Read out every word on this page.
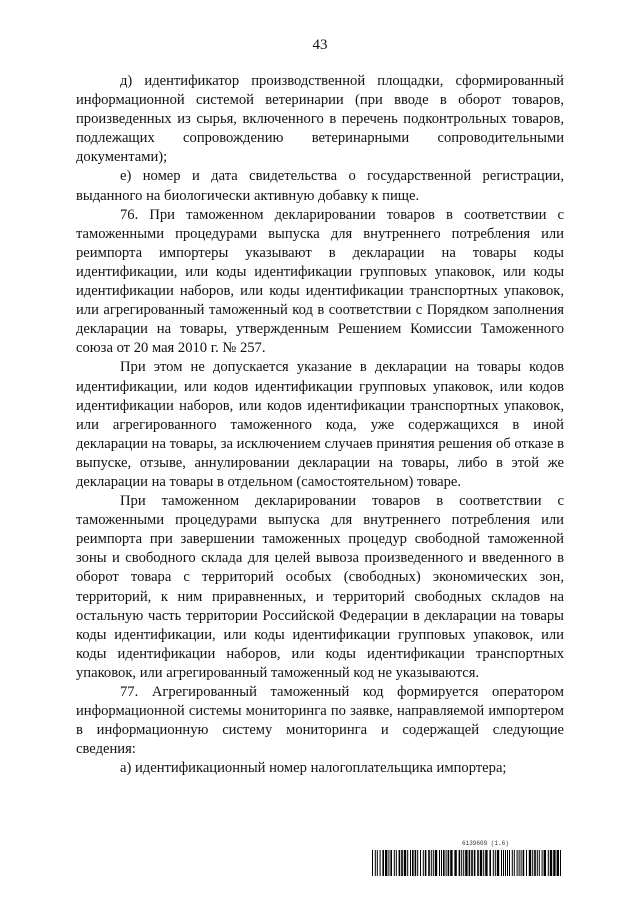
43

д) идентификатор производственной площадки, сформированный информационной системой ветеринарии (при вводе в оборот товаров, произведенных из сырья, включенного в перечень подконтрольных товаров, подлежащих сопровождению ветеринарными сопроводительными документами);

е) номер и дата свидетельства о государственной регистрации, выданного на биологически активную добавку к пище.

76. При таможенном декларировании товаров в соответствии с таможенными процедурами выпуска для внутреннего потребления или реимпорта импортеры указывают в декларации на товары коды идентификации, или коды идентификации групповых упаковок, или коды идентификации наборов, или коды идентификации транспортных упаковок, или агрегированный таможенный код в соответствии с Порядком заполнения декларации на товары, утвержденным Решением Комиссии Таможенного союза от 20 мая 2010 г. № 257.

При этом не допускается указание в декларации на товары кодов идентификации, или кодов идентификации групповых упаковок, или кодов идентификации наборов, или кодов идентификации транспортных упаковок, или агрегированного таможенного кода, уже содержащихся в иной декларации на товары, за исключением случаев принятия решения об отказе в выпуске, отзыве, аннулировании декларации на товары, либо в этой же декларации на товары в отдельном (самостоятельном) товаре.

При таможенном декларировании товаров в соответствии с таможенными процедурами выпуска для внутреннего потребления или реимпорта при завершении таможенных процедур свободной таможенной зоны и свободного склада для целей вывоза произведенного и введенного в оборот товара с территорий особых (свободных) экономических зон, территорий, к ним приравненных, и территорий свободных складов на остальную часть территории Российской Федерации в декларации на товары коды идентификации, или коды идентификации групповых упаковок, или коды идентификации наборов, или коды идентификации транспортных упаковок, или агрегированный таможенный код не указываются.

77. Агрегированный таможенный код формируется оператором информационной системы мониторинга по заявке, направляемой импортером в информационную систему мониторинга и содержащей следующие сведения:

а) идентификационный номер налогоплательщика импортера;

6139609 (1.6)
